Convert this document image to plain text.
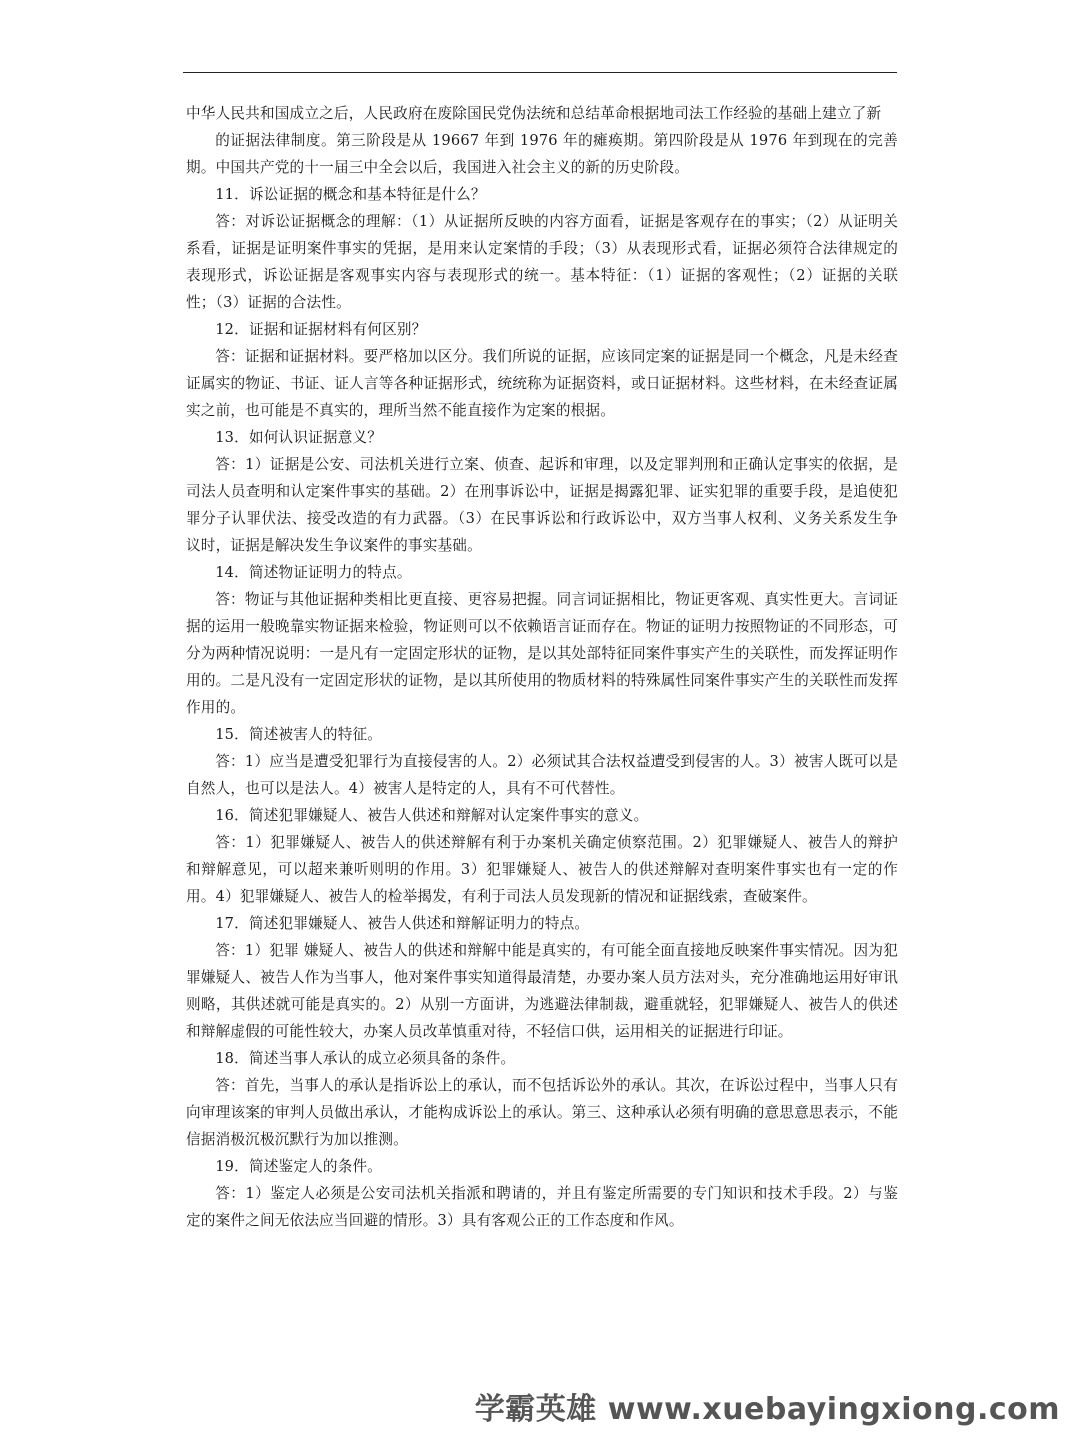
中华人民共和国成立之后，人民政府在废除国民党伪法统和总结革命根据地司法工作经验的基础上建立了新

的证据法律制度。第三阶段是从 19667 年到 1976 年的瘫痪期。第四阶段是从 1976 年到现在的完善期。中国共产党的十一届三中全会以后，我国进入社会主义的新的历史阶段。

11．诉讼证据的概念和基本特征是什么？

答：对诉讼证据概念的理解：（1）从证据所反映的内容方面看，证据是客观存在的事实；（2）从证明关系看，证据是证明案件事实的凭据，是用来认定案情的手段；（3）从表现形式看，证据必须符合法律规定的表现形式，诉讼证据是客观事实内容与表现形式的统一。基本特征：（1）证据的客观性；（2）证据的关联性；（3）证据的合法性。

12．证据和证据材料有何区别？

答：证据和证据材料。要严格加以区分。我们所说的证据，应该同定案的证据是同一个概念，凡是未经查证属实的物证、书证、证人言等各种证据形式，统统称为证据资料，或日证据材料。这些材料，在未经查证属实之前，也可能是不真实的，理所当然不能直接作为定案的根据。

13．如何认识证据意义？

答：1）证据是公安、司法机关进行立案、侦查、起诉和审理，以及定罪判刑和正确认定事实的依据，是司法人员查明和认定案件事实的基础。2）在刑事诉讼中，证据是揭露犯罪、证实犯罪的重要手段，是追使犯罪分子认罪伏法、接受改造的有力武器。（3）在民事诉讼和行政诉讼中，双方当事人权利、义务关系发生争议时，证据是解决发生争议案件的事实基础。

14．简述物证证明力的特点。

答：物证与其他证据种类相比更直接、更容易把握。同言词证据相比，物证更客观、真实性更大。言词证据的运用一般晚靠实物证据来检验，物证则可以不依赖语言证而存在。物证的证明力按照物证的不同形态，可分为两种情况说明：一是凡有一定固定形状的证物，是以其处部特征同案件事实产生的关联性，而发挥证明作用的。二是凡没有一定固定形状的证物，是以其所使用的物质材料的特殊属性同案件事实产生的关联性而发挥作用的。

15．简述被害人的特征。

答：1）应当是遭受犯罪行为直接侵害的人。2）必须试其合法权益遭受到侵害的人。3）被害人既可以是自然人，也可以是法人。4）被害人是特定的人，具有不可代替性。

16．简述犯罪嫌疑人、被告人供述和辩解对认定案件事实的意义。

答：1）犯罪嫌疑人、被告人的供述辩解有利于办案机关确定侦察范围。2）犯罪嫌疑人、被告人的辩护和辩解意见，可以超来兼听则明的作用。3）犯罪嫌疑人、被告人的供述辩解对查明案件事实也有一定的作用。4）犯罪嫌疑人、被告人的检举揭发，有利于司法人员发现新的情况和证据线索，查破案件。

17．简述犯罪嫌疑人、被告人供述和辩解证明力的特点。

答：1）犯罪 嫌疑人、被告人的供述和辩解中能是真实的，有可能全面直接地反映案件事实情况。因为犯罪嫌疑人、被告人作为当事人，他对案件事实知道得最清楚，办要办案人员方法对头，充分准确地运用好审讯则略，其供述就可能是真实的。2）从别一方面讲，为逃避法律制裁，避重就轻，犯罪嫌疑人、被告人的供述和辩解虚假的可能性较大，办案人员改革慎重对待，不轻信口供，运用相关的证据进行印证。

18．简述当事人承认的成立必须具备的条件。

答：首先，当事人的承认是指诉讼上的承认，而不包括诉讼外的承认。其次，在诉讼过程中，当事人只有向审理该案的审判人员做出承认，才能构成诉讼上的承认。第三、这种承认必须有明确的意思意思表示，不能信据消极沉极沉默行为加以推测。

19．简述鉴定人的条件。

答：1）鉴定人必须是公安司法机关指派和聘请的，并且有鉴定所需要的专门知识和技术手段。2）与鉴定的案件之间无依法应当回避的情形。3）具有客观公正的工作态度和作风。

学霸英雄 www.xuebayingxiong.com
